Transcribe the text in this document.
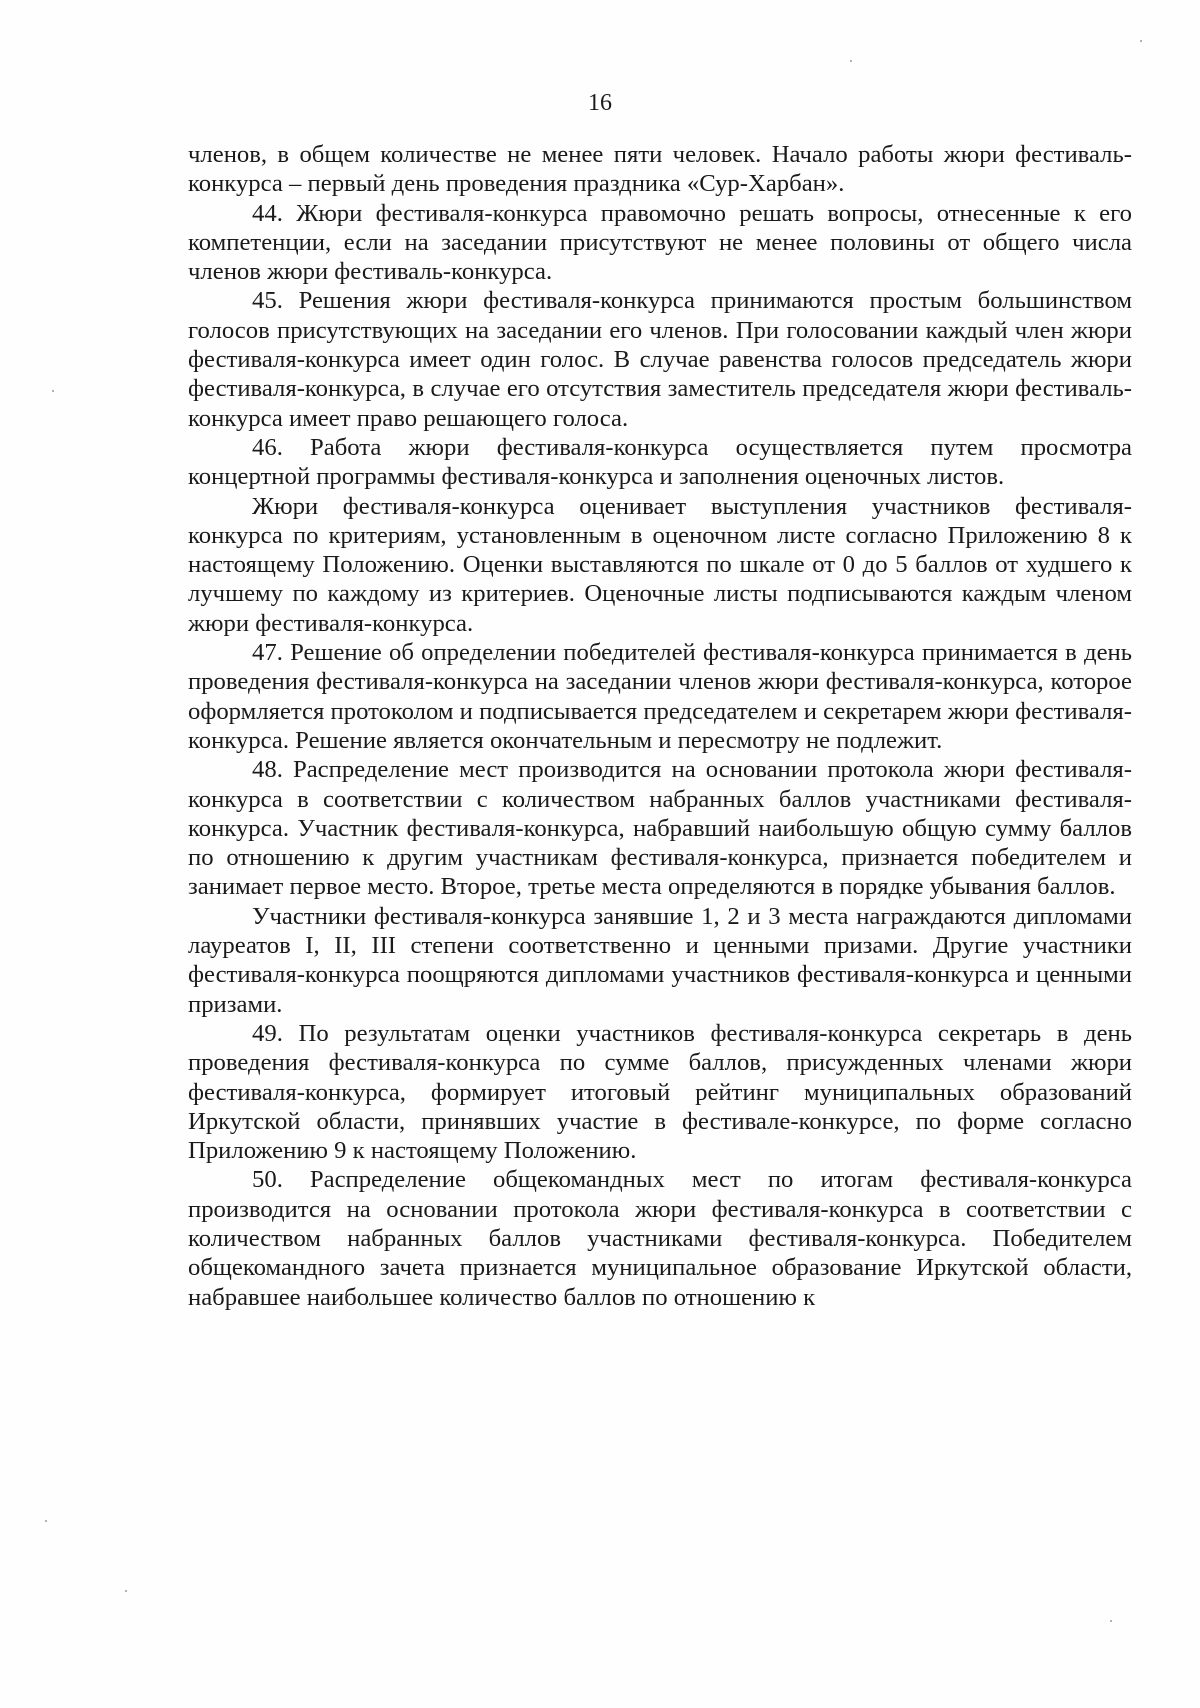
16

членов, в общем количестве не менее пяти человек. Начало работы жюри фестиваль-конкурса – первый день проведения праздника «Сур-Харбан».

44. Жюри фестиваля-конкурса правомочно решать вопросы, отнесенные к его компетенции, если на заседании присутствуют не менее половины от общего числа членов жюри фестиваль-конкурса.

45. Решения жюри фестиваля-конкурса принимаются простым большинством голосов присутствующих на заседании его членов. При голосовании каждый член жюри фестиваля-конкурса имеет один голос. В случае равенства голосов председатель жюри фестиваля-конкурса, в случае его отсутствия заместитель председателя жюри фестиваль-конкурса имеет право решающего голоса.

46. Работа жюри фестиваля-конкурса осуществляется путем просмотра концертной программы фестиваля-конкурса и заполнения оценочных листов.

Жюри фестиваля-конкурса оценивает выступления участников фестиваля-конкурса по критериям, установленным в оценочном листе согласно Приложению 8 к настоящему Положению. Оценки выставляются по шкале от 0 до 5 баллов от худшего к лучшему по каждому из критериев. Оценочные листы подписываются каждым членом жюри фестиваля-конкурса.

47. Решение об определении победителей фестиваля-конкурса принимается в день проведения фестиваля-конкурса на заседании членов жюри фестиваля-конкурса, которое оформляется протоколом и подписывается председателем и секретарем жюри фестиваля-конкурса. Решение является окончательным и пересмотру не подлежит.

48. Распределение мест производится на основании протокола жюри фестиваля-конкурса в соответствии с количеством набранных баллов участниками фестиваля-конкурса. Участник фестиваля-конкурса, набравший наибольшую общую сумму баллов по отношению к другим участникам фестиваля-конкурса, признается победителем и занимает первое место. Второе, третье места определяются в порядке убывания баллов.

Участники фестиваля-конкурса занявшие 1, 2 и 3 места награждаются дипломами лауреатов I, II, III степени соответственно и ценными призами. Другие участники фестиваля-конкурса поощряются дипломами участников фестиваля-конкурса и ценными призами.

49. По результатам оценки участников фестиваля-конкурса секретарь в день проведения фестиваля-конкурса по сумме баллов, присужденных членами жюри фестиваля-конкурса, формирует итоговый рейтинг муниципальных образований Иркутской области, принявших участие в фестивале-конкурсе, по форме согласно Приложению 9 к настоящему Положению.

50. Распределение общекомандных мест по итогам фестиваля-конкурса производится на основании протокола жюри фестиваля-конкурса в соответствии с количеством набранных баллов участниками фестиваля-конкурса. Победителем общекомандного зачета признается муниципальное образование Иркутской области, набравшее наибольшее количество баллов по отношению к
